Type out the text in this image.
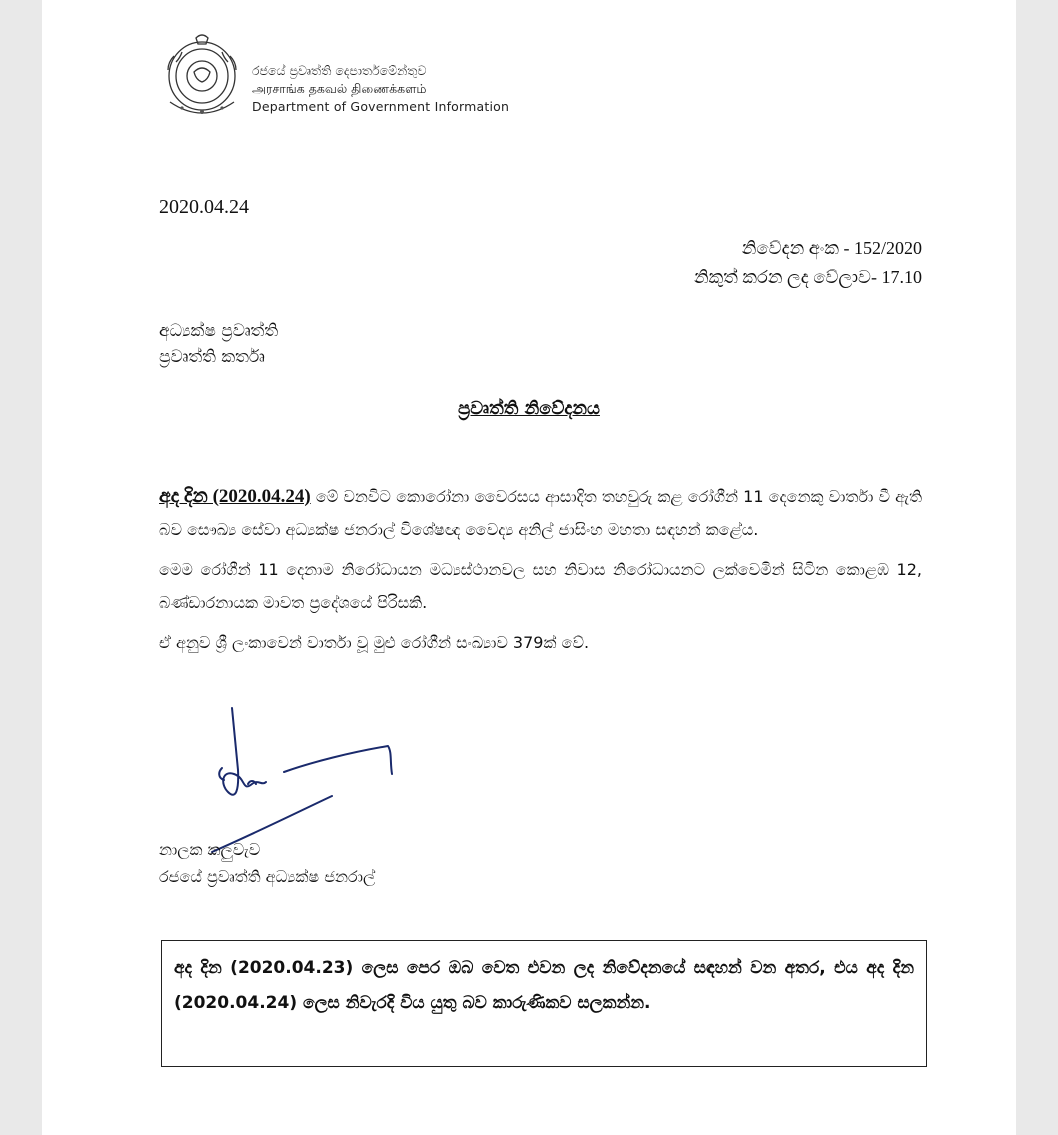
රජයේ ප්‍රවෘත්ති දෙපාර්තමේන්තුව
அரசாங்க தகவல் திணைக்களம்
Department of Government Information
2020.04.24
නිවේදන අංක - 152/2020
නිකුත් කරන ලද වේලාව- 17.10
අධ්‍යක්ෂ ප්‍රවෘත්ති
ප්‍රවෘත්ති කර්තෘ
ප්‍රවෘත්ති නිවේදනය

අද දින (2020.04.24) මේ වනවිට කොරෝනා වෛරසය ආසාදිත තහවුරු කළ රෝගීන් 11 දෙනෙකු වාර්තා වී ඇති බව සෞඛ්‍ය සේවා අධ්‍යක්ෂ ජනරාල් විශේෂඥ වෛද්‍ය අනිල් ජාසිංහ මහතා සඳහන් කළේය.

මෙම රෝගීන් 11 දෙනාම නිරෝධායන මධ්‍යස්ථානවල සහ නිවාස නිරෝධායනට ලක්වෙමින් සිටින කොළඹ 12, බණ්ඩාරනායක මාවත ප්‍රදේශයේ පිරිසකි.

ඒ අනුව ශ්‍රී ලංකාවෙන් වාර්තා වූ මුළු රෝගීන් සංඛ්‍යාව 379ක් වේ.

නාලක කලුවැව
රජයේ ප්‍රවෘත්ති අධ්‍යක්ෂ ජනරාල්
අද දින (2020.04.23) ලෙස පෙර ඔබ වෙත එවන ලද නිවේදනයේ සඳහන් වන අතර, එය අද දින (2020.04.24) ලෙස නිවැරදි විය යුතු බව කාරුණිකව සලකන්න.
